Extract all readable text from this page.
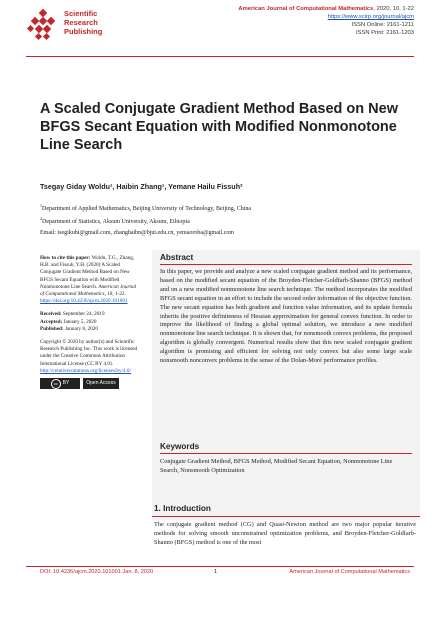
Scientific
Research
Publishing
American Journal of Computational Mathematics, 2020, 10, 1-22
https://www.scirp.org/journal/ajcm
ISSN Online: 2161-1211
ISSN Print: 2161-1203
A Scaled Conjugate Gradient Method Based on New BFGS Secant Equation with Modified Nonmonotone Line Search
Tsegay Giday Woldu¹, Haibin Zhang¹, Yemane Hailu Fissuh²
$^1$Department of Applied Mathematics, Beijing University of Technology, Beijing, China
$^2$Department of Statistics, Aksum University, Aksum, Ethiopia
Email: tsegikubi@gmail.com, zhanghaibn@bjut.edu.cn, yemaoroba@gmail.com

How to cite this paper: Woldu, T.G., Zhang, H.B. and Fissuh, Y.H. (2020) A Scaled Conjugate Gradient Method Based on New BFGS Secant Equation with Modified Nonmonotone Line Search. American Journal of Computational Mathematics, 10, 1-22.
https://doi.org/10.4236/ajcm.2020.101001

Received: September 24, 2019
Accepted: January 5, 2020
Published: January 8, 2020

Copyright © 2020 by author(s) and Scientific Research Publishing Inc. This work is licensed under the Creative Commons Attribution International License (CC BY 4.0).
http://creativecommons.org/licenses/by/4.0/

cc	BY	Open Access
Abstract
In this paper, we provide and analyze a new scaled conjugate gradient method and its performance, based on the modified secant equation of the Broyden-Fletcher-Goldfarb-Shanno (BFGS) method and on a new modified nonmonotone line search technique. The method incorporates the modified BFGS secant equation in an effort to include the second order information of the objective function. The new secant equation has both gradient and function value information, and its update formula inherits the positive definiteness of Hessian approximation for general convex function. In order to improve the likelihood of finding a global optimal solution, we introduce a new modified nonmonotone line search technique. It is shown that, for nonsmooth convex problems, the proposed algorithm is globally convergent. Numerical results show that this new scaled conjugate gradient algorithm is promising and efficient for solving not only convex but also some large scale nonsmooth nonconvex problems in the sense of the Dolan-Moré performance profiles.
Keywords
Conjugate Gradient Method, BFGS Method, Modified Secant Equation, Nonmonotone Line Search, Nonsmooth Optimization
1. Introduction
The conjugate gradient method (CG) and Quasi-Newton method are two major popular iterative methods for solving smooth unconstrained optimization problems, and Broyden-Fletcher-Goldfarb-Shanno (BFGS) method is one of the most
DOI: 10.4236/ajcm.2020.101001 Jan. 8, 2020	1	American Journal of Computational Mathematics
